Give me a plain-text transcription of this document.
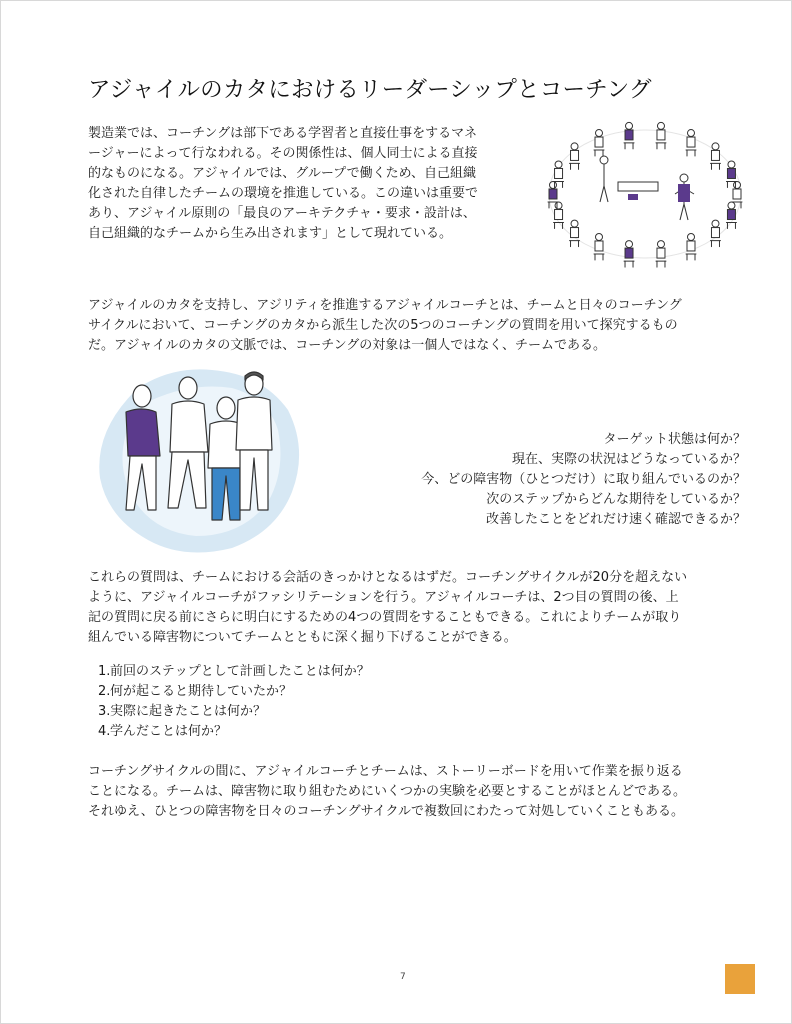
アジャイルのカタにおけるリーダーシップとコーチング

製造業では、コーチングは部下である学習者と直接仕事をするマネ
ージャーによって行なわれる。その関係性は、個人同士による直接
的なものになる。アジャイルでは、グループで働くため、自己組織
化された自律したチームの環境を推進している。この違いは重要で
あり、アジャイル原則の「最良のアーキテクチャ・要求・設計は、
自己組織的なチームから生み出されます」として現れている。

アジャイルのカタを支持し、アジリティを推進するアジャイルコーチとは、チームと日々のコーチング
サイクルにおいて、コーチングのカタから派生した次の5つのコーチングの質問を用いて探究するもの
だ。アジャイルのカタの文脈では、コーチングの対象は一個人ではなく、チームである。

ターゲット状態は何か？
現在、実際の状況はどうなっているか？
今、どの障害物（ひとつだけ）に取り組んでいるのか？
次のステップからどんな期待をしているか？
改善したことをどれだけ速く確認できるか？

これらの質問は、チームにおける会話のきっかけとなるはずだ。コーチングサイクルが20分を超えない
ように、アジャイルコーチがファシリテーションを行う。アジャイルコーチは、2つ目の質問の後、上
記の質問に戻る前にさらに明白にするための4つの質問をすることもできる。これによりチームが取り
組んでいる障害物についてチームとともに深く掘り下げることができる。

1.前回のステップとして計画したことは何か？
2.何が起こると期待していたか？
3.実際に起きたことは何か？
4.学んだことは何か？

コーチングサイクルの間に、アジャイルコーチとチームは、ストーリーボードを用いて作業を振り返る
ことになる。チームは、障害物に取り組むためにいくつかの実験を必要とすることがほとんどである。
それゆえ、ひとつの障害物を日々のコーチングサイクルで複数回にわたって対処していくこともある。

7
